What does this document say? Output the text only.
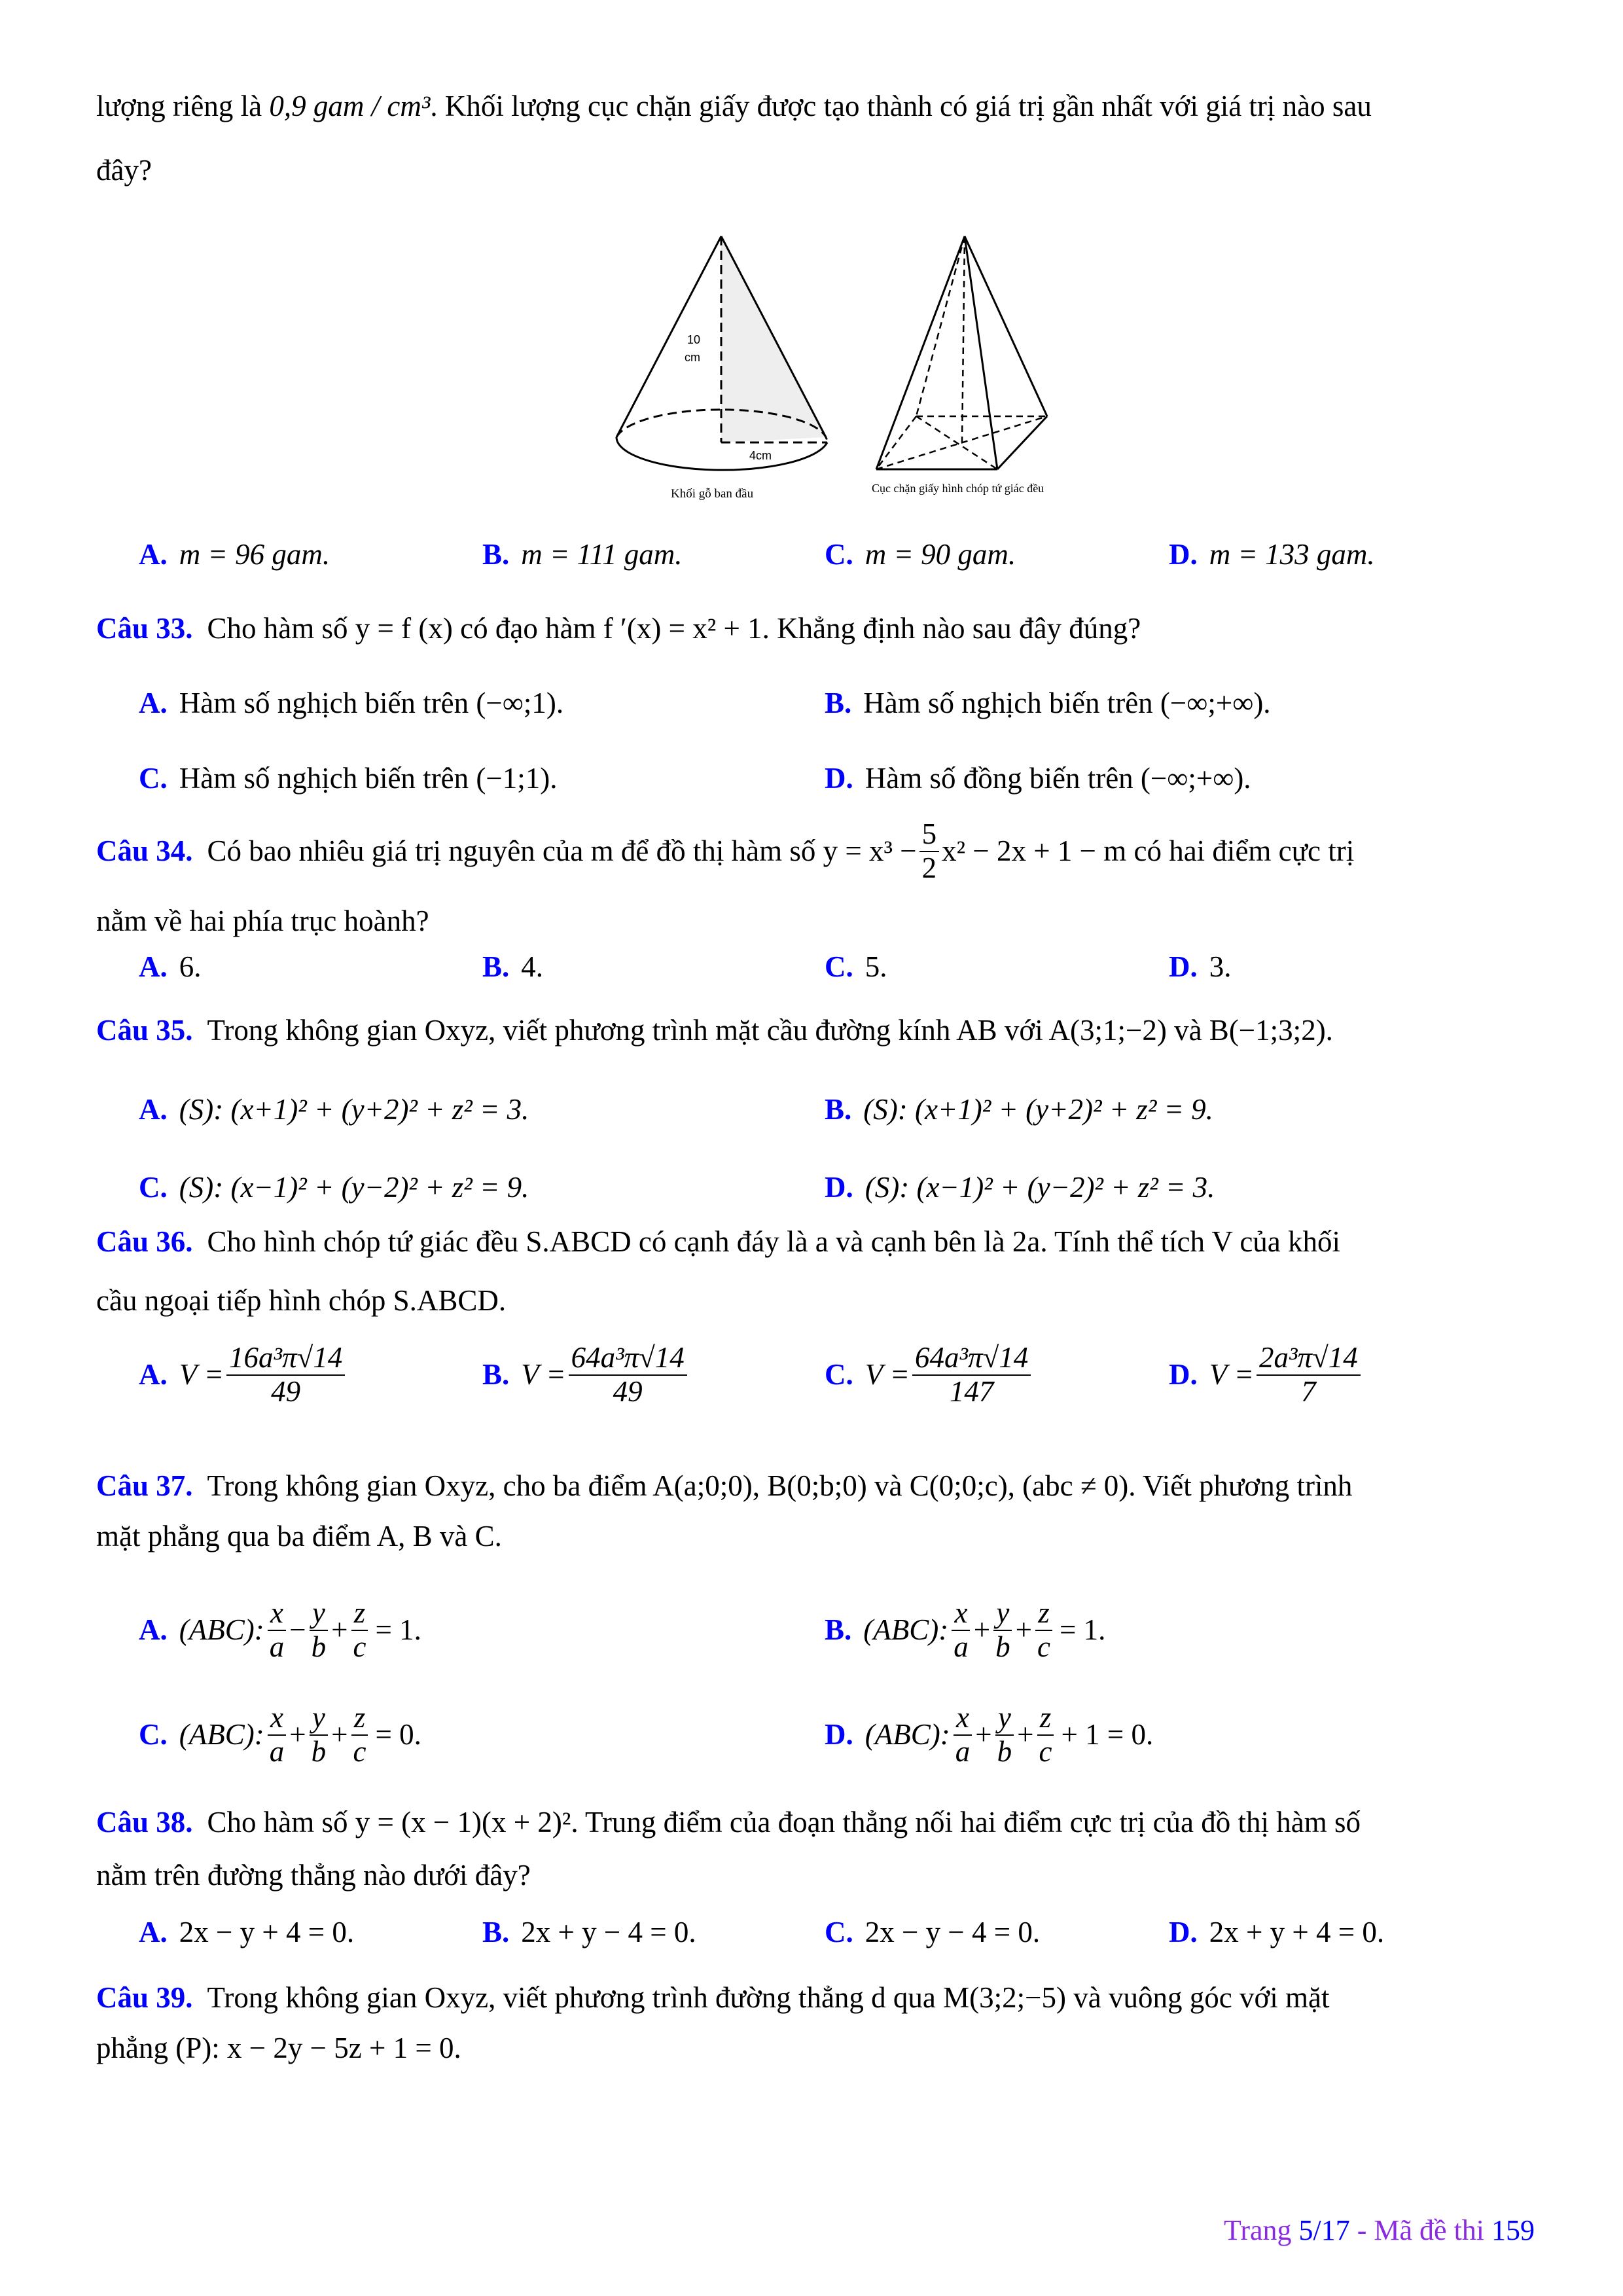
lượng riêng là 0,9 gam / cm³. Khối lượng cục chặn giấy được tạo thành có giá trị gần nhất với giá trị nào sau
đây?
10
cm
4cm
Khối gỗ ban đầu	Cục chặn giấy hình chóp tứ giác đều
A. m = 96 gam.	B. m = 111 gam.	C. m = 90 gam.	D. m = 133 gam.
Câu 33. Cho hàm số y = f (x) có đạo hàm f ′(x) = x² + 1. Khẳng định nào sau đây đúng?
A. Hàm số nghịch biến trên (−∞;1).	B. Hàm số nghịch biến trên (−∞;+∞).
C. Hàm số nghịch biến trên (−1;1).	D. Hàm số đồng biến trên (−∞;+∞).
Câu 34. Có bao nhiêu giá trị nguyên của m để đồ thị hàm số $y = x^3 - \frac{5}{2} x^2 - 2x + 1 - m$ có hai điểm cực trị
nằm về hai phía trục hoành?
A. 6.	B. 4.	C. 5.	D. 3.
Câu 35. Trong không gian Oxyz, viết phương trình mặt cầu đường kính AB với A(3;1;−2) và B(−1;3;2).
A. (S): (x+1)² + (y+2)² + z² = 3.	B. (S): (x+1)² + (y+2)² + z² = 9.
C. (S): (x−1)² + (y−2)² + z² = 9.	D. (S): (x−1)² + (y−2)² + z² = 3.
Câu 36. Cho hình chóp tứ giác đều S.ABCD có cạnh đáy là a và cạnh bên là 2a. Tính thể tích V của khối
cầu ngoại tiếp hình chóp S.ABCD.
A. $V = \frac{\text{16a³π√14}}{49}$	B. $V = \frac{\text{64a³π√14}}{49}$	C. $V = \frac{\text{64a³π√14}}{147}$	D. $V = \frac{\text{2a³π√14}}{7}$
Câu 37. Trong không gian Oxyz, cho ba điểm A(a;0;0), B(0;b;0) và C(0;0;c), (abc ≠ 0). Viết phương trình
mặt phẳng qua ba điểm A, B và C.
A. (ABC): $\frac{x}{a} - \frac{y}{b} + \frac{z}{c} = 1$.	B. (ABC): $\frac{x}{a} + \frac{y}{b} + \frac{z}{c} = 1$.
C. (ABC): $\frac{x}{a} + \frac{y}{b} + \frac{z}{c} = 0$.	D. (ABC): $\frac{x}{a} + \frac{y}{b} + \frac{z}{c} + 1 = 0$.
Câu 38. Cho hàm số y = (x − 1)(x + 2)². Trung điểm của đoạn thẳng nối hai điểm cực trị của đồ thị hàm số
nằm trên đường thẳng nào dưới đây?
A. 2x − y + 4 = 0.	B. 2x + y − 4 = 0.	C. 2x − y − 4 = 0.	D. 2x + y + 4 = 0.
Câu 39. Trong không gian Oxyz, viết phương trình đường thẳng d qua M(3;2;−5) và vuông góc với mặt
phẳng (P): x − 2y − 5z + 1 = 0.
Trang 5/17 - Mã đề thi 159
